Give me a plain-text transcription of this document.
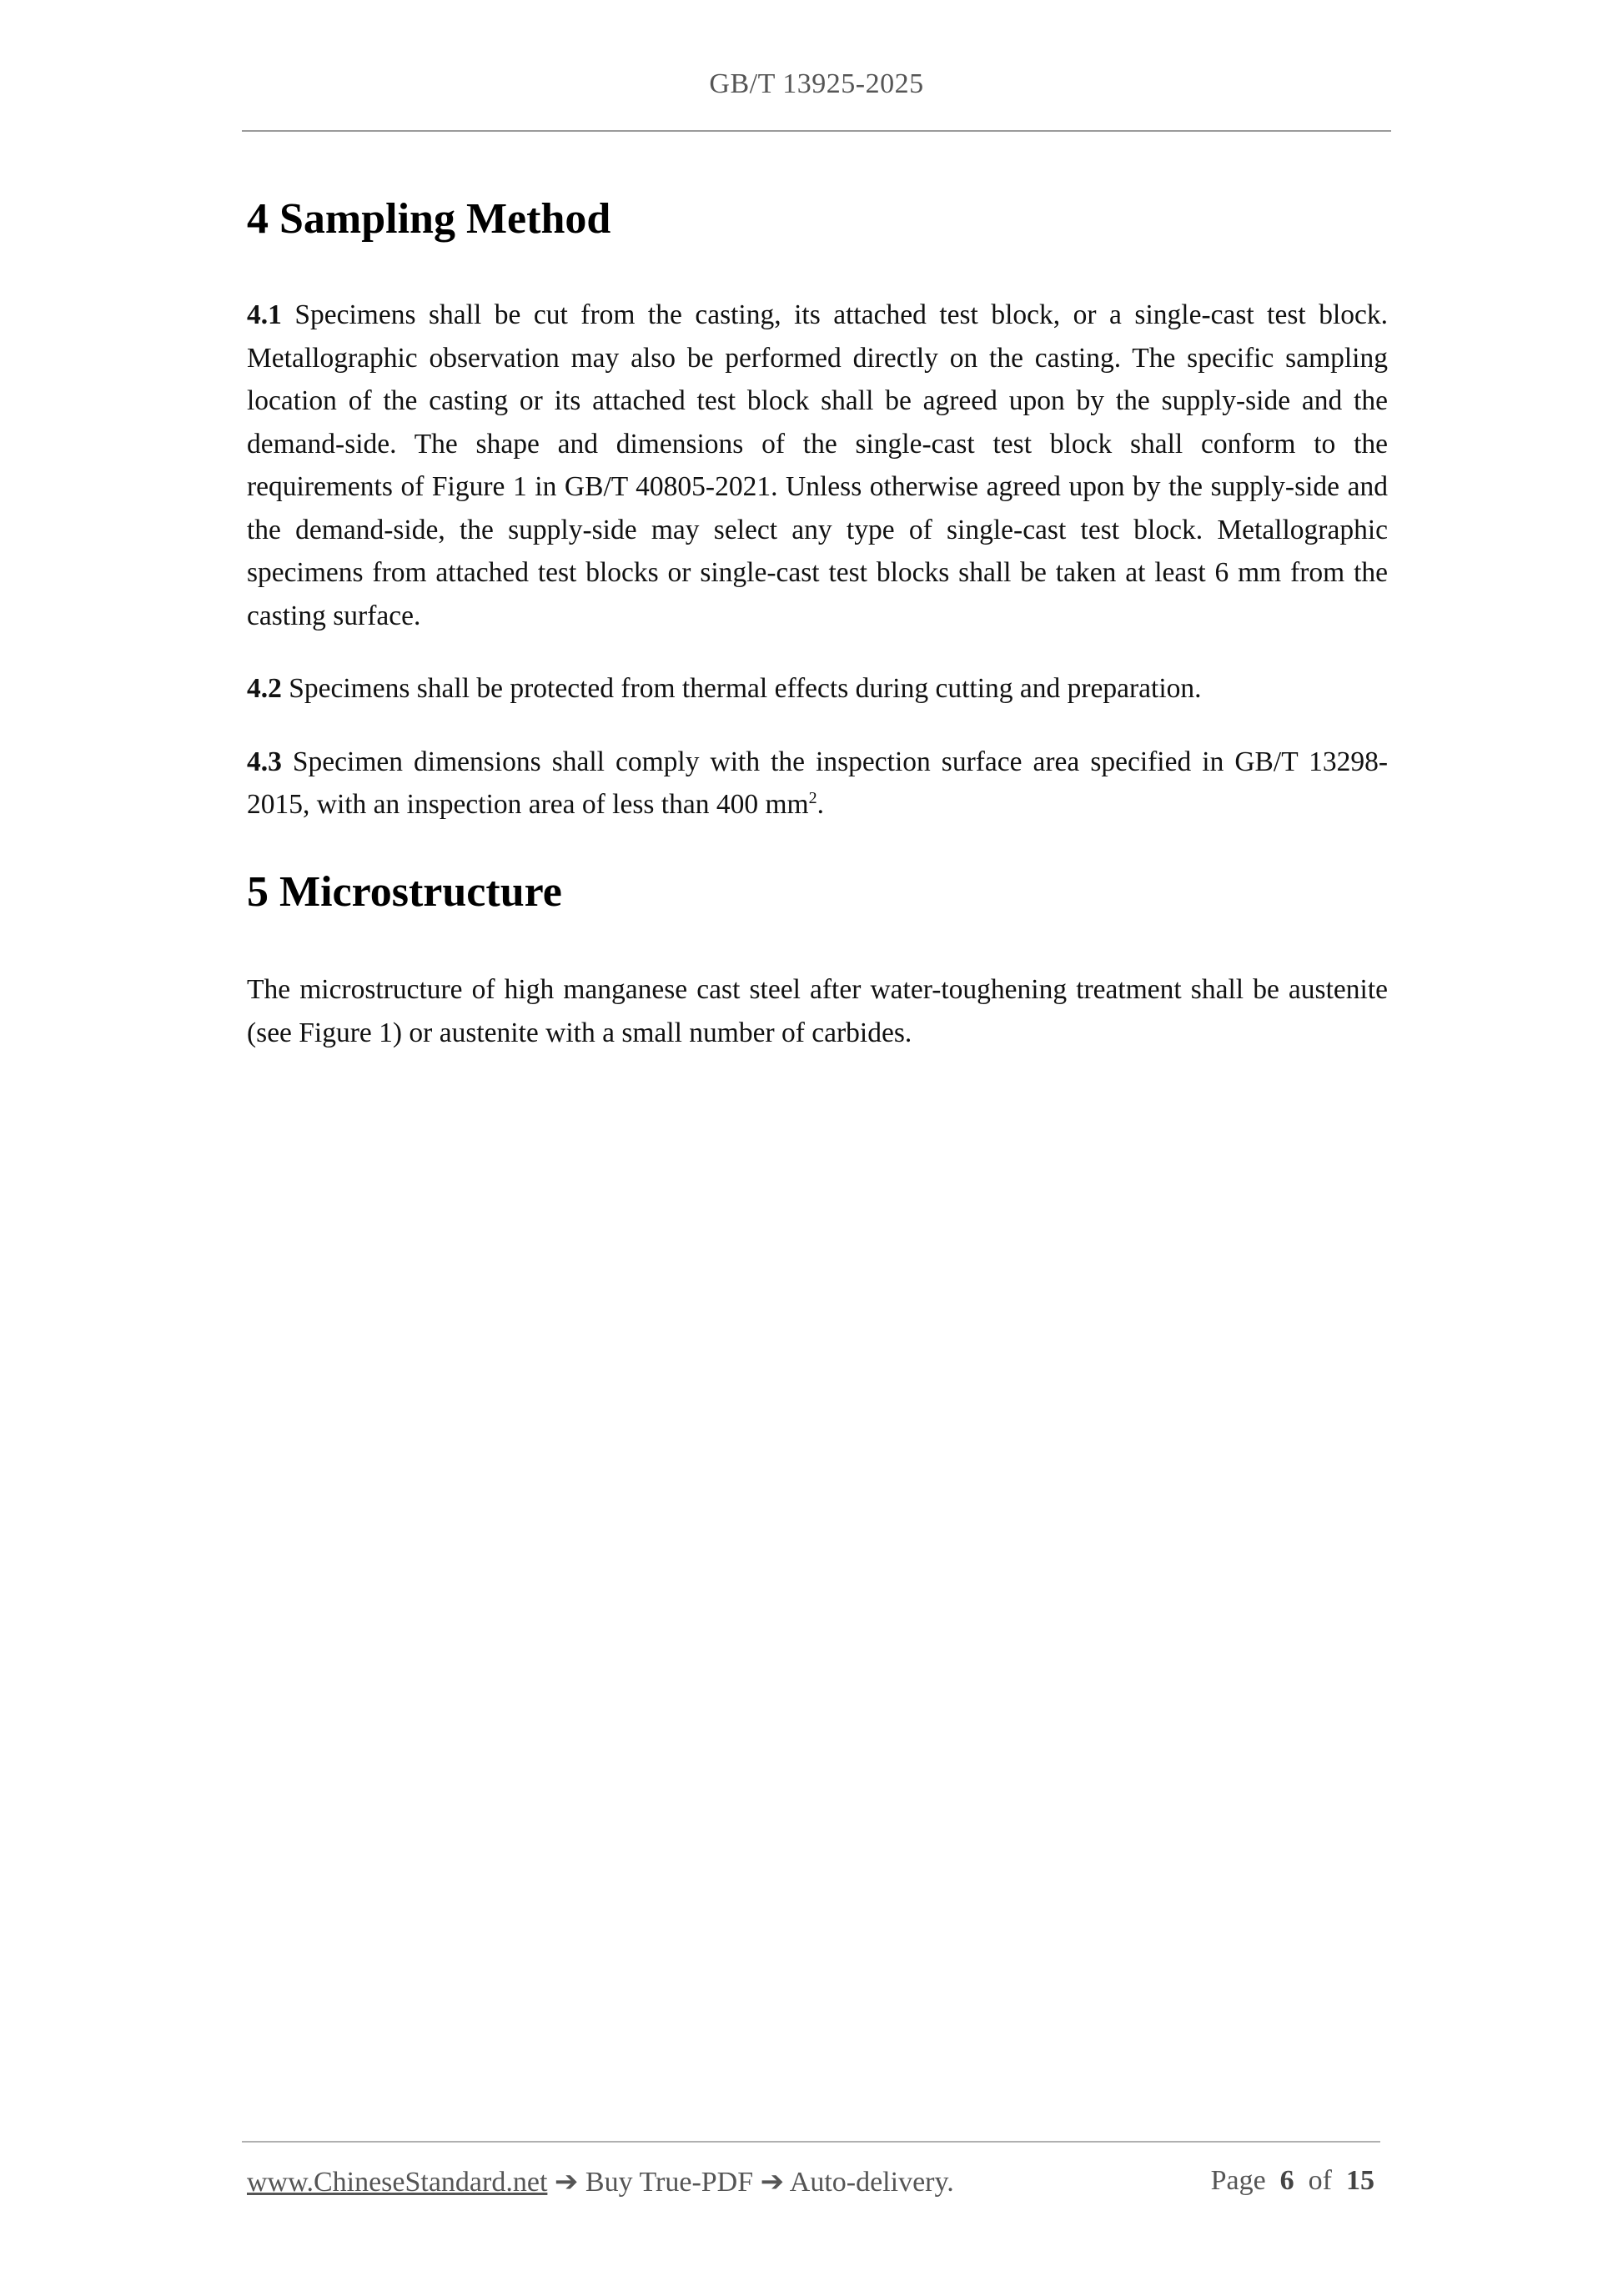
GB/T 13925-2025
4 Sampling Method

4.1 Specimens shall be cut from the casting, its attached test block, or a single-cast test block. Metallographic observation may also be performed directly on the casting. The specific sampling location of the casting or its attached test block shall be agreed upon by the supply-side and the demand-side. The shape and dimensions of the single-cast test block shall conform to the requirements of Figure 1 in GB/T 40805-2021. Unless otherwise agreed upon by the supply-side and the demand-side, the supply-side may select any type of single-cast test block. Metallographic specimens from attached test blocks or single-cast test blocks shall be taken at least 6 mm from the casting surface.

4.2 Specimens shall be protected from thermal effects during cutting and preparation.

4.3 Specimen dimensions shall comply with the inspection surface area specified in GB/T 13298-2015, with an inspection area of less than 400 $mm^2$.

5 Microstructure

The microstructure of high manganese cast steel after water-toughening treatment shall be austenite (see Figure 1) or austenite with a small number of carbides.

www.ChineseStandard.net ➔ Buy True-PDF ➔ Auto-delivery.	Page 6 of 15
